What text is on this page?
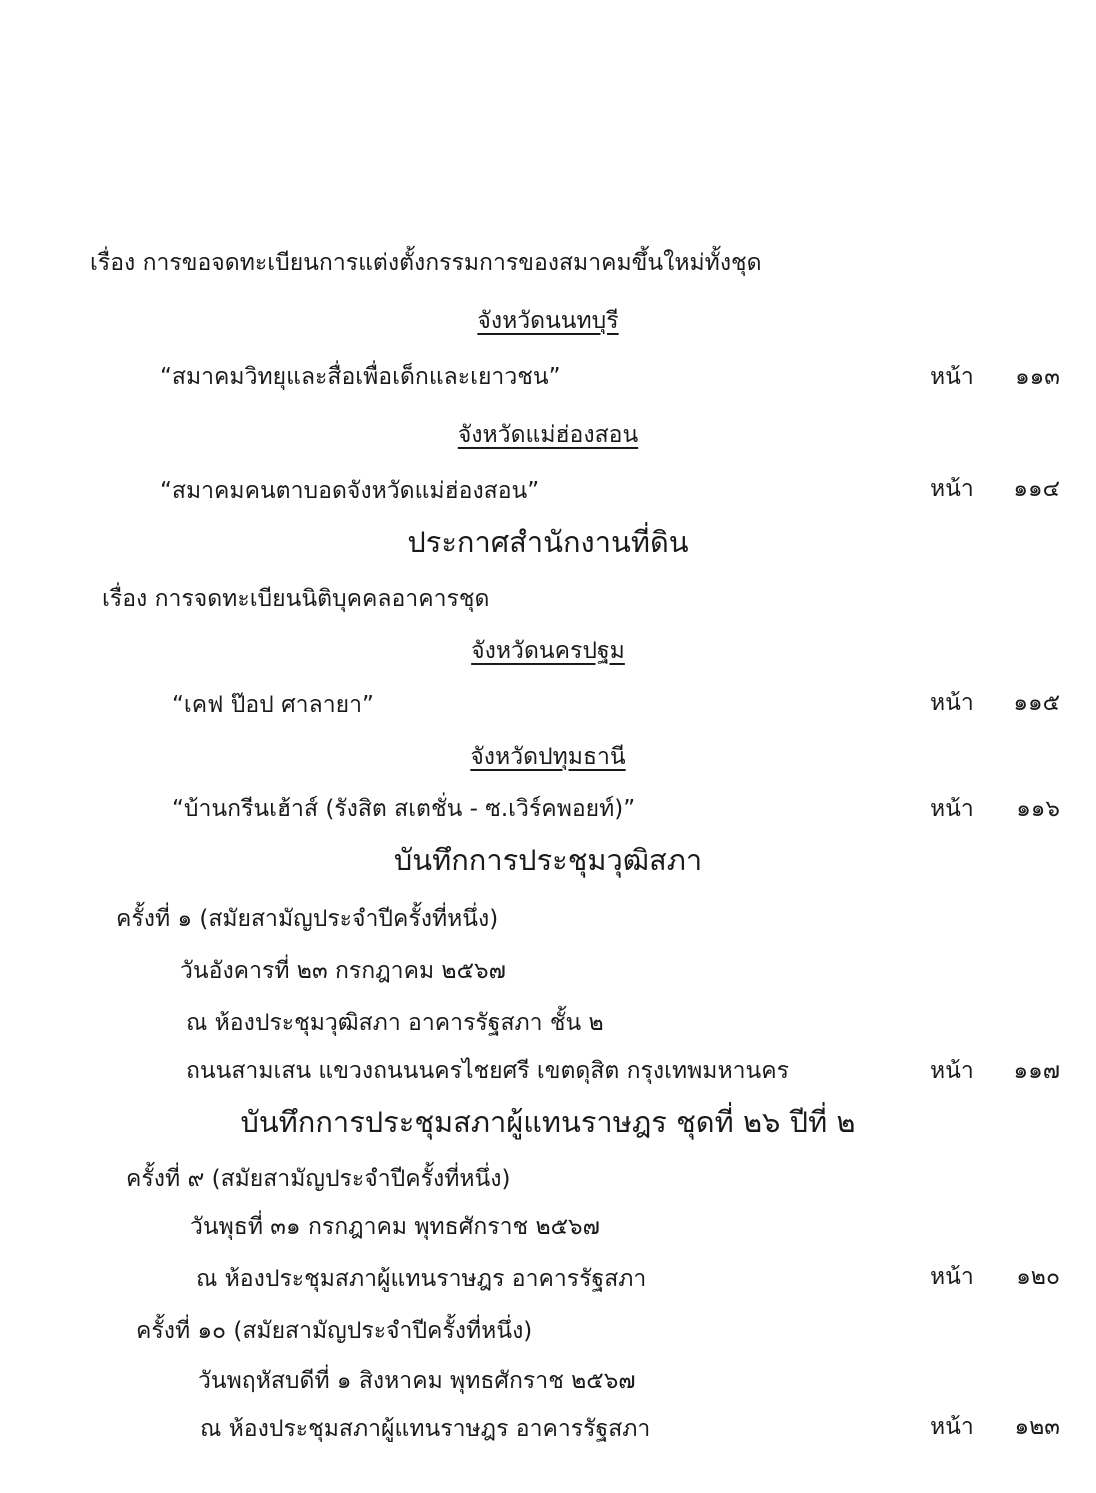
เรื่อง การขอจดทะเบียนการแต่งตั้งกรรมการของสมาคมขึ้นใหม่ทั้งชุด
จังหวัดนนทบุรี
“สมาคมวิทยุและสื่อเพื่อเด็กและเยาวชน”	หน้า ๑๑๓
จังหวัดแม่ฮ่องสอน
“สมาคมคนตาบอดจังหวัดแม่ฮ่องสอน”	หน้า ๑๑๔
ประกาศสำนักงานที่ดิน
เรื่อง การจดทะเบียนนิติบุคคลอาคารชุด
จังหวัดนครปฐม
“เคฟ ป๊อป ศาลายา”	หน้า ๑๑๕
จังหวัดปทุมธานี
“บ้านกรีนเฮ้าส์ (รังสิต สเตชั่น - ซ.เวิร์คพอยท์)”	หน้า ๑๑๖
บันทึกการประชุมวุฒิสภา
ครั้งที่ ๑ (สมัยสามัญประจำปีครั้งที่หนึ่ง)
วันอังคารที่ ๒๓ กรกฎาคม ๒๕๖๗
ณ ห้องประชุมวุฒิสภา อาคารรัฐสภา ชั้น ๒
ถนนสามเสน แขวงถนนนครไชยศรี เขตดุสิต กรุงเทพมหานคร	หน้า ๑๑๗
บันทึกการประชุมสภาผู้แทนราษฎร ชุดที่ ๒๖ ปีที่ ๒
ครั้งที่ ๙ (สมัยสามัญประจำปีครั้งที่หนึ่ง)
วันพุธที่ ๓๑ กรกฎาคม พุทธศักราช ๒๕๖๗
ณ ห้องประชุมสภาผู้แทนราษฎร อาคารรัฐสภา	หน้า ๑๒๐
ครั้งที่ ๑๐ (สมัยสามัญประจำปีครั้งที่หนึ่ง)
วันพฤหัสบดีที่ ๑ สิงหาคม พุทธศักราช ๒๕๖๗
ณ ห้องประชุมสภาผู้แทนราษฎร อาคารรัฐสภา	หน้า ๑๒๓
